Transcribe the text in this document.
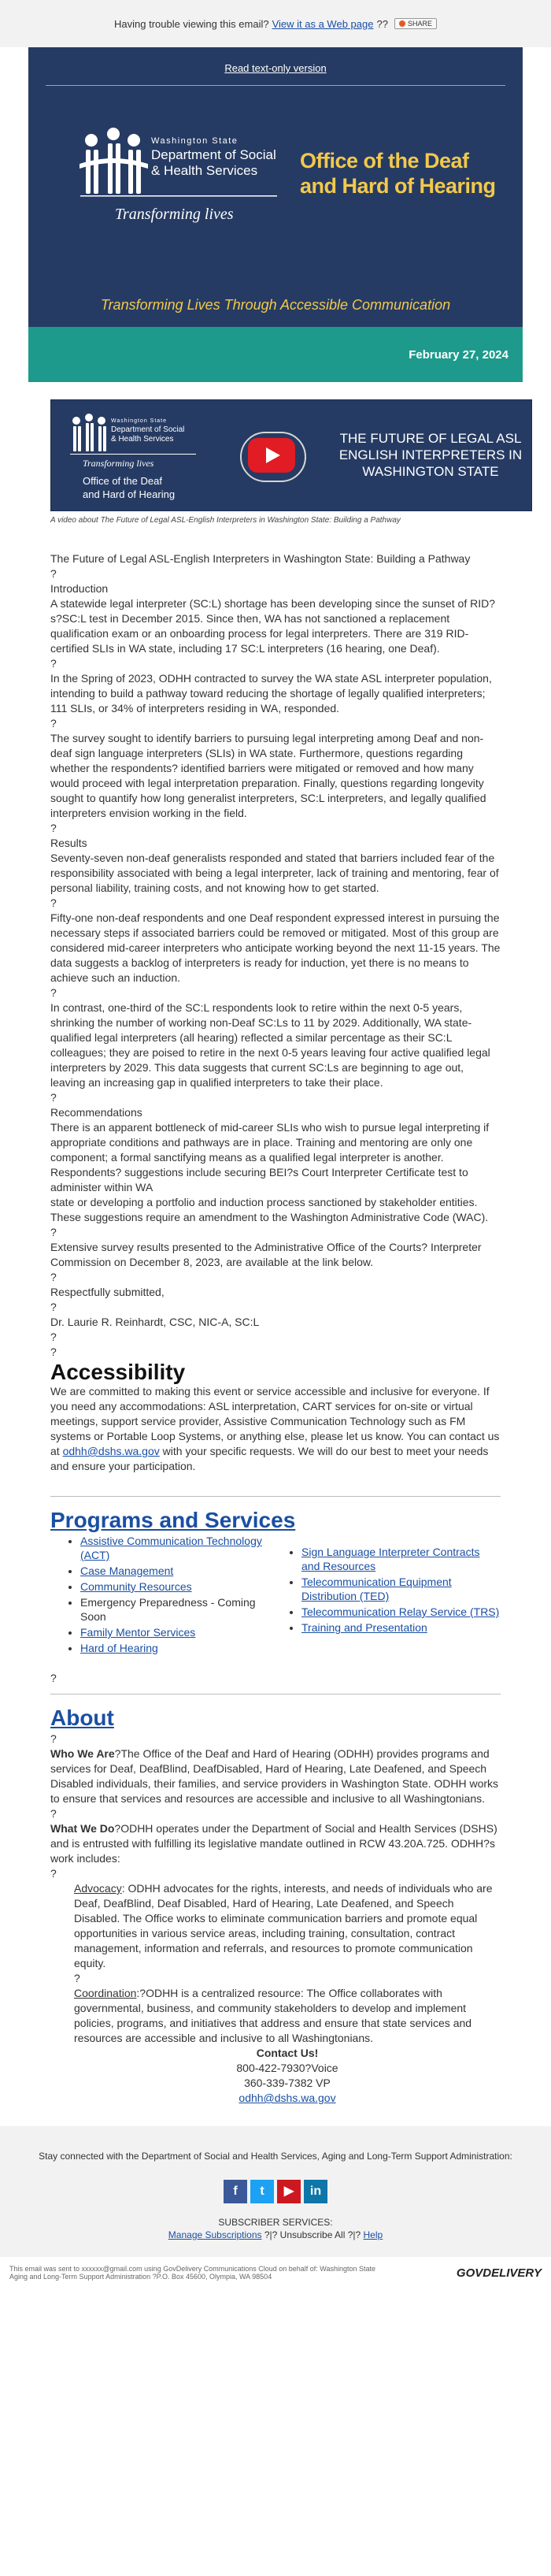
Having trouble viewing this email? View it as a Web page ??	SHARE
Read text-only version
Washington State
Department of Social
& Health Services
Transforming lives
Office of the Deaf
and Hard of Hearing
Transforming Lives Through Accessible Communication
February 27, 2024
Washington State
Department of Social
& Health Services
Transforming lives
Office of the Deaf
and Hard of Hearing
THE FUTURE OF LEGAL ASL ENGLISH INTERPRETERS IN WASHINGTON STATE
A video about The Future of Legal ASL-English Interpreters in Washington State: Building a Pathway

The Future of Legal ASL-English Interpreters in Washington State: Building a Pathway

?

Introduction

A statewide legal interpreter (SC:L) shortage has been developing since the sunset of RID?s?SC:L test in December 2015. Since then, WA has not sanctioned a replacement qualification exam or an onboarding process for legal interpreters. There are 319 RID-certified SLIs in WA state, including 17 SC:L interpreters (16 hearing, one Deaf).

?

In the Spring of 2023, ODHH contracted to survey the WA state ASL interpreter population, intending to build a pathway toward reducing the shortage of legally qualified interpreters; 111 SLIs, or 34% of interpreters residing in WA, responded.

?

The survey sought to identify barriers to pursuing legal interpreting among Deaf and non-deaf sign language interpreters (SLIs) in WA state. Furthermore, questions regarding whether the respondents? identified barriers were mitigated or removed and how many would proceed with legal interpretation preparation. Finally, questions regarding longevity sought to quantify how long generalist interpreters, SC:L interpreters, and legally qualified interpreters envision working in the field.

?

Results

Seventy-seven non-deaf generalists responded and stated that barriers included fear of the responsibility associated with being a legal interpreter, lack of training and mentoring, fear of personal liability, training costs, and not knowing how to get started.

?

Fifty-one non-deaf respondents and one Deaf respondent expressed interest in pursuing the necessary steps if associated barriers could be removed or mitigated. Most of this group are considered mid-career interpreters who anticipate working beyond the next 11-15 years. The data suggests a backlog of interpreters is ready for induction, yet there is no means to achieve such an induction.

?

In contrast, one-third of the SC:L respondents look to retire within the next 0-5 years, shrinking the number of working non-Deaf SC:Ls to 11 by 2029. Additionally, WA state-qualified legal interpreters (all hearing) reflected a similar percentage as their SC:L colleagues; they are poised to retire in the next 0-5 years leaving four active qualified legal interpreters by 2029. This data suggests that current SC:Ls are beginning to age out, leaving an increasing gap in qualified interpreters to take their place.

?

Recommendations

There is an apparent bottleneck of mid-career SLIs who wish to pursue legal interpreting if appropriate conditions and pathways are in place. Training and mentoring are only one component; a formal sanctifying means as a qualified legal interpreter is another. Respondents? suggestions include securing BEI?s Court Interpreter Certificate test to administer within WA

state or developing a portfolio and induction process sanctioned by stakeholder entities. These suggestions require an amendment to the Washington Administrative Code (WAC).

?

Extensive survey results presented to the Administrative Office of the Courts? Interpreter Commission on December 8, 2023, are available at the link below.

?

Respectfully submitted,

?

Dr. Laurie R. Reinhardt, CSC, NIC-A, SC:L

?

?

Accessibility

We are committed to making this event or service accessible and inclusive for everyone. If you need any accommodations: ASL interpretation, CART services for on-site or virtual meetings, support service provider, Assistive Communication Technology such as FM systems or Portable Loop Systems, or anything else, please let us know. You can contact us at odhh@dshs.wa.gov with your specific requests. We will do our best to meet your needs and ensure your participation.

Programs and Services
• Assistive Communication Technology (ACT)
• Case Management
• Community Resources
• Emergency Preparedness - Coming Soon
• Family Mentor Services
• Hard of Hearing
• Sign Language Interpreter Contracts and Resources
• Telecommunication Equipment Distribution (TED)
• Telecommunication Relay Service (TRS)
• Training and Presentation

?

About

?

Who We Are?The Office of the Deaf and Hard of Hearing (ODHH) provides programs and services for Deaf, DeafBlind, DeafDisabled, Hard of Hearing, Late Deafened, and Speech Disabled individuals, their families, and service providers in Washington State. ODHH works to ensure that services and resources are accessible and inclusive to all Washingtonians.

?

What We Do?ODHH operates under the Department of Social and Health Services (DSHS) and is entrusted with fulfilling its legislative mandate outlined in RCW 43.20A.725. ODHH?s work includes:

?

Advocacy: ODHH advocates for the rights, interests, and needs of individuals who are Deaf, DeafBlind, Deaf Disabled, Hard of Hearing, Late Deafened, and Speech Disabled. The Office works to eliminate communication barriers and promote equal opportunities in various service areas, including training, consultation, contract management, information and referrals, and resources to promote communication equity.

?

Coordination:?ODHH is a centralized resource: The Office collaborates with governmental, business, and community stakeholders to develop and implement policies, programs, and initiatives that address and ensure that state services and resources are accessible and inclusive to all Washingtonians.

Contact Us!
800-422-7930?Voice
360-339-7382 VP
odhh@dshs.wa.gov
Stay connected with the Department of Social and Health Services, Aging and Long-Term Support Administration:
f	t	▶	in
SUBSCRIBER SERVICES:
Manage Subscriptions ?|? Unsubscribe All ?|? Help
This email was sent to xxxxxx@gmail.com using GovDelivery Communications Cloud on behalf of: Washington State Aging and Long-Term Support Administration ?P.O. Box 45600, Olympia, WA 98504	GOVDELIVERY
